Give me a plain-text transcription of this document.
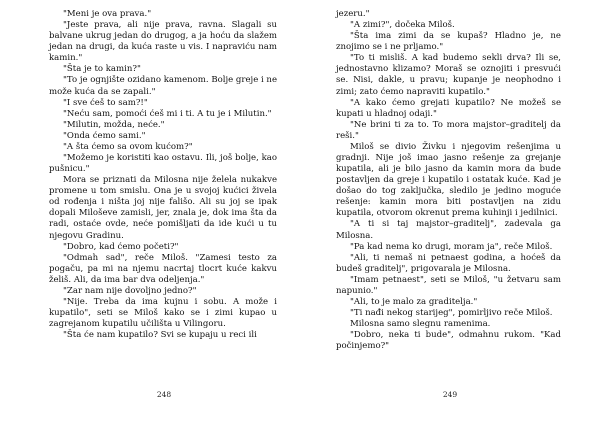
"Meni je ova prava."

"Jeste prava, ali nije prava, ravna. Slagali su balvane ukrug jedan do drugog, a ja hoću da slažem jedan na drugi, da kuća raste u vis. I napraviću nam kamin."

"Šta je to kamin?"

"To je ognjište ozidano kamenom. Bolje greje i ne može kuća da se zapali."

"I sve ćeš to sam?!"

"Neću sam, pomoći ćeš mi i ti. A tu je i Milutin."

"Milutin, možda, neće."

"Onda ćemo sami."

"A šta ćemo sa ovom kućom?"

"Možemo je koristiti kao ostavu. Ili, još bolje, kao pušnicu."

Mora se priznati da Milosna nije želela nukakve promene u tom smislu. Ona je u svojoj kućici živela od rođenja i ništa joj nije fališo. Ali su joj se ipak dopali Miloševe zamisli, jer, znala je, dok ima šta da radi, ostaće ovde, neće pomišljati da ide kući u tu njegovu Gradinu.

"Dobro, kad ćemo početi?"

"Odmah sad", reče Miloš. "Zamesi testo za pogaču, pa mi na njemu nacrtaj tlocrt kuće kakvu želiš. Ali, da ima bar dva odeljenja."

"Zar nam nije dovoljno jedno?"

"Nije. Treba da ima kujnu i sobu. A može i kupatilo", seti se Miloš kako se i zimi kupao u zagrejanom kupatilu učilišta u Vilingoru.

"Šta će nam kupatilo? Svi se kupaju u reci ili

248

jezeru."

"A zimi?", dočeka Miloš.

"Šta ima zimi da se kupaš? Hladno je, ne znojimo se i ne prljamo."

"To ti misliš. A kad budemo sekli drva? Ili se, jednostavno klizamo? Moraš se oznojiti i presvući se. Nisi, dakle, u pravu; kupanje je neophodno i zimi; zato ćemo napraviti kupatilo."

"A kako ćemo grejati kupatilo? Ne možeš se kupati u hladnoj odaji."

"Ne brini ti za to. To mora majstor–graditelj da reši."

Miloš se divio Živku i njegovim rešenjima u gradnji. Nije još imao jasno rešenje za grejanje kupatila, ali je bilo jasno da kamin mora da bude postavljen da greje i kupatilo i ostatak kuće. Kad je došao do tog zaključka, sledilo je jedino moguće rešenje: kamin mora biti postavljen na zidu kupatila, otvorom okrenut prema kuhinji i jedilnici.

"A ti si taj majstor–graditelj", zadevala ga Milosna.

"Pa kad nema ko drugi, moram ja", reče Miloš.

"Ali, ti nemaš ni petnaest godina, a hoćeš da budeš graditelj", prigovarala je Milosna.

"Imam petnaest", seti se Miloš, "u žetvaru sam napunio."

"Ali, to je malo za graditelja."

"Ti nađi nekog starijeg", pomirljivo reče Miloš.

Milosna samo slegnu ramenima.

"Dobro, neka ti bude", odmahnu rukom. "Kad počinjemo?"

249
